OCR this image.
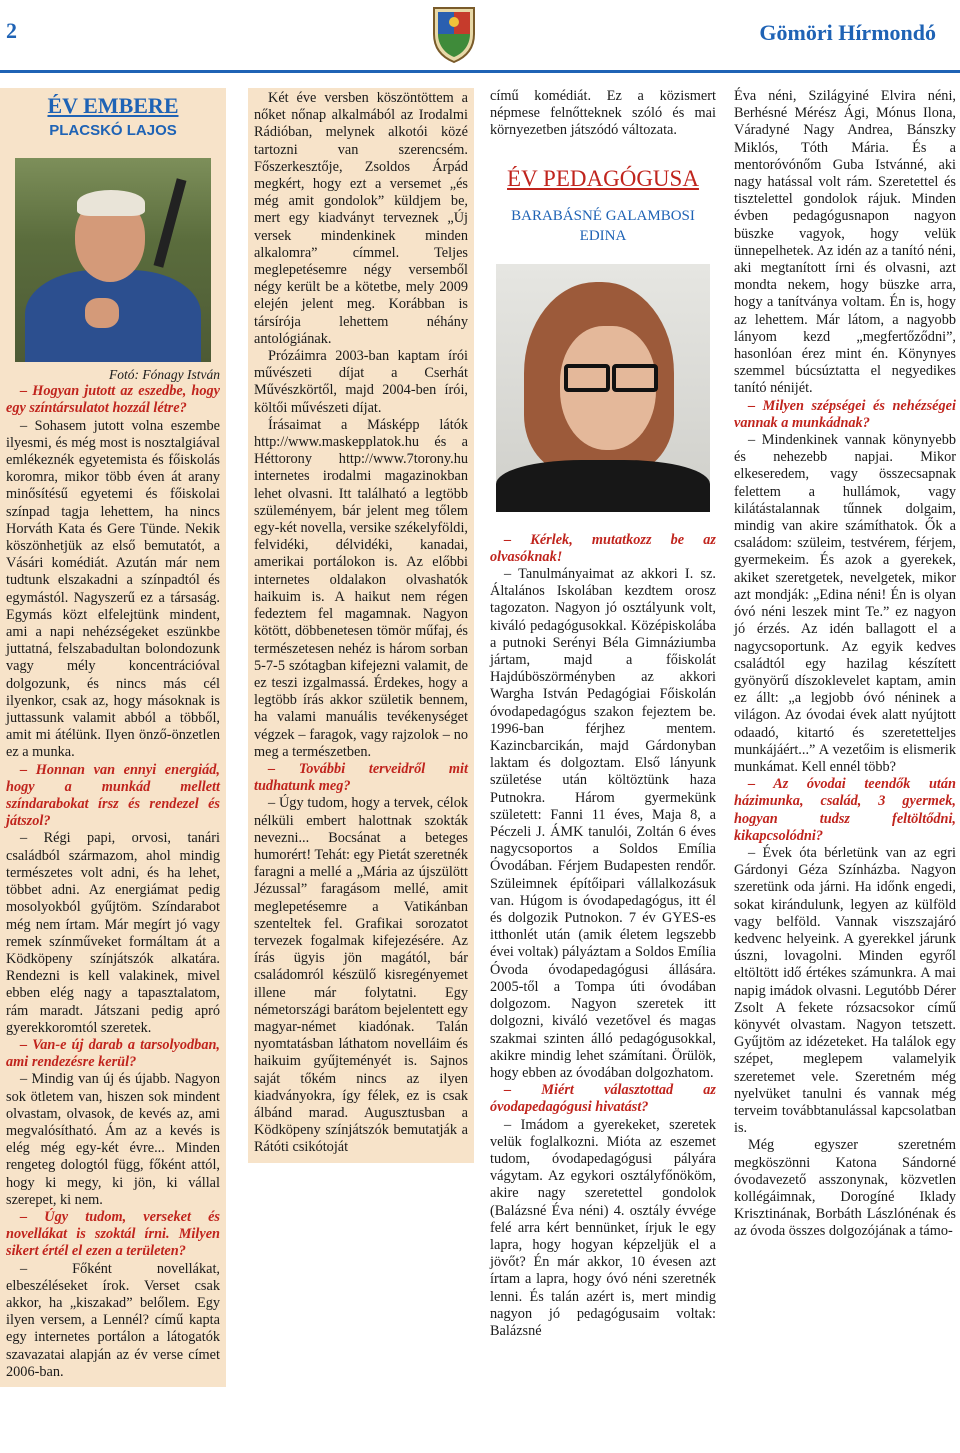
2	Gömöri Hírmondó
ÉV EMBERE
PLACSKÓ LAJOS

Fotó: Fónagy István

– Hogyan jutott az eszedbe, hogy egy színtársulatot hozzál létre?

– Sohasem jutott volna eszembe ilyesmi, és még most is nosztalgiával emlékeznék egyetemista és főiskolás koromra, mikor több éven át arany minősítésű egyetemi és főiskolai színpad tagja lehettem, ha nincs Horváth Kata és Gere Tünde. Nekik köszönhetjük az első bemutatót, a Vásári komédiát. Azután már nem tudtunk elszakadni a színpadtól és egymástól. Nagyszerű ez a társaság. Egymás közt elfelejtünk mindent, ami a napi nehézségeket eszünkbe juttatná, felszabadultan bolondozunk vagy mély koncentrációval dolgozunk, és nincs más cél ilyenkor, csak az, hogy másoknak is juttassunk valamit abból a többől, amit mi átélünk. Ilyen önző-önzetlen ez a munka.

– Honnan van ennyi energiád, hogy a munkád mellett színdarabokat írsz és rendezel és játszol?

– Régi papi, orvosi, tanári családból származom, ahol mindig természetes volt adni, és ha lehet, többet adni. Az energiámat pedig mosolyokból gyűjtöm. Színdarabot még nem írtam. Már megírt jó vagy remek színműveket formáltam át a Ködköpeny színjátszók alkatára. Rendezni is kell valakinek, mivel ebben elég nagy a tapasztalatom, rám maradt. Játszani pedig apró gyerekkoromtól szeretek.

– Van-e új darab a tarsolyodban, ami rendezésre kerül?

– Mindig van új és újabb. Nagyon sok ötletem van, hiszen sok mindent olvastam, olvasok, de kevés az, ami megvalósítható. Ám az a kevés is elég még egy-két évre... Minden rengeteg dologtól függ, főként attól, hogy ki megy, ki jön, ki vállal szerepet, ki nem.

– Úgy tudom, verseket és novellákat is szoktál írni. Milyen sikert értél el ezen a területen?

– Főként novellákat, elbeszéléseket írok. Verset csak akkor, ha „kiszakad” belőlem. Egy ilyen versem, a Lennél? című kapta egy internetes portálon a látogatók szavazatai alapján az év verse címet 2006-ban.

Két éve versben köszöntöttem a nőket nőnap alkalmából az Irodalmi Rádióban, melynek alkotói közé tartozni van szerencsém. Főszerkesztője, Zsoldos Árpád megkért, hogy ezt a versemet „és még amit gondolok” küldjem be, mert egy kiadványt terveznek „Új versek mindenkinek minden alkalomra” címmel. Teljes meglepetésemre négy versemből négy került be a kötetbe, mely 2009 elején jelent meg. Korábban is társírója lehettem néhány antológiának.

Prózáimra 2003-ban kaptam írói művészeti díjat a Cserhát Művészkörtől, majd 2004-ben írói, költői művészeti díjat.

Írásaimat a Másképp látók http://www.maskepplatok.hu és a Héttorony http://www.7torony.hu internetes irodalmi magazinokban lehet olvasni. Itt található a legtöbb szüleményem, bár jelent meg tőlem egy-két novella, versike székelyföldi, felvidéki, délvidéki, kanadai, amerikai portálokon is. Az előbbi internetes oldalakon olvashatók haikuim is. A haikut nem régen fedeztem fel magamnak. Nagyon kötött, döbbenetesen tömör műfaj, és természetesen nehéz is három sorban 5-7-5 szótagban kifejezni valamit, de ez teszi izgalmassá. Érdekes, hogy a legtöbb írás akkor születik bennem, ha valami manuális tevékenységet végzek – faragok, vagy rajzolok – no meg a természetben.

– További terveidről mit tudhatunk meg?

– Úgy tudom, hogy a tervek, célok nélküli embert halottnak szokták nevezni... Bocsánat a beteges humorért! Tehát: egy Pietát szeretnék faragni a mellé a „Mária az újszülött Jézussal” faragásom mellé, amit meglepetésemre a Vatikánban szenteltek fel. Grafikai sorozatot tervezek fogalmak kifejezésére. Az írás ügyis jön magától, bár családomról készülő kisregényemet illene már folytatni. Egy németországi barátom bejelentett egy magyar-német kiadónak. Talán nyomtatásban láthatom novelláim és haikuim gyűjteményét is. Sajnos saját tőkém nincs az ilyen kiadványokra, így félek, ez is csak álbánd marad. Augusztusban a Ködköpeny színjátszók bemutatják a Rátóti csikótoját

című komédiát. Ez a közismert népmese felnőtteknek szóló és mai környezetben játszódó változata.

ÉV PEDAGÓGUSA
BARABÁSNÉ GALAMBOSI EDINA

– Kérlek, mutatkozz be az olvasóknak!

– Tanulmányaimat az akkori I. sz. Általános Iskolában kezdtem orosz tagozaton. Nagyon jó osztályunk volt, kiváló pedagógusokkal. Középiskolába a putnoki Serényi Béla Gimnáziumba jártam, majd a főiskolát Hajdúböszörményben az akkori Wargha István Pedagógiai Főiskolán óvodapedagógus szakon fejeztem be. 1996-ban férjhez mentem. Kazincbarcikán, majd Gárdonyban laktam és dolgoztam. Első lányunk születése után költöztünk haza Putnokra. Három gyermekünk született: Fanni 11 éves, Maja 8, a Péczeli J. ÁMK tanulói, Zoltán 6 éves nagycsoportos a Soldos Emília Óvodában. Férjem Budapesten rendőr. Szüleimnek építőipari vállalkozásuk van. Húgom is óvodapedagógus, itt él és dolgozik Putnokon. 7 év GYES-es itthonlét után (amik életem legszebb évei voltak) pályáztam a Soldos Emília Óvoda óvodapedagógusi állására. 2005-től a Tompa úti óvodában dolgozom. Nagyon szeretek itt dolgozni, kiváló vezetővel és magas szakmai szinten álló pedagógusokkal, akikre mindig lehet számítani. Örülök, hogy ebben az óvodában dolgozhatom.

– Miért választottad az óvodapedagógusi hivatást?

– Imádom a gyerekeket, szeretek velük foglalkozni. Miótа az eszemet tudom, óvodapedagógusi pályára vágytam. Az egykori osztályfőnököm, akire nagy szeretettel gondolok (Balázsné Éva néni) 4. osztály évvége felé arra kért bennünket, írjuk le egy lapra, hogy hogyan képzeljük el a jövőt? Én már akkor, 10 évesen azt írtam a lapra, hogy óvó néni szeretnék lenni. És talán azért is, mert mindig nagyon jó pedagógusaim voltak: Balázsné

Éva néni, Szilágyiné Elvira néni, Berhésné Mérész Ági, Mónus Ilona, Váradyné Nagy Andrea, Bánszky Miklós, Tóth Mária. És a mentoróvónőm Guba Istvánné, aki nagy hatással volt rám. Szeretettel és tisztelettel gondolok rájuk. Minden évben pedagógusnapon nagyon büszke vagyok, hogy velük ünnepelhetek. Az idén az a tanító néni, aki megtanított írni és olvasni, azt mondta nekem, hogy büszke arra, hogy a tanítványa voltam. Én is, hogy az lehettem. Már látom, a nagyobb lányom kezd „megfertőződni”, hasonlóan érez mint én. Könynyes szemmel búcsúztatta el negyedikes tanító nénijét.

– Milyen szépségei és nehézségei vannak a munkádnak?

– Mindenkinek vannak könynyebb és nehezebb napjai. Mikor elkeseredem, vagy összecsapnak felettem a hullámok, vagy kilátástalannak tűnnek dolgaim, mindig van akire számíthatok. Ők a családom: szüleim, testvérem, férjem, gyermekeim. És azok a gyerekek, akiket szeretgetek, nevelgetek, mikor azt mondják: „Edina néni! Én is olyan óvó néni leszek mint Te.” ez nagyon jó érzés. Az idén ballagott el a nagycsoportunk. Az egyik kedves családtól egy hazilag készített gyönyörű díszoklevelet kaptam, amin ez állt: „a legjobb óvó néninek a világon. Az óvodai évek alatt nyújtott odaadó, kitartó és szeretetteljes munkájáért...” A vezetőim is elismerik munkámat. Kell ennél több?

– Az óvodai teendők után házimunka, család, 3 gyermek, hogyan tudsz feltöltődni, kikapcsolódni?

– Évek óta bérletünk van az egri Gárdonyi Géza Színházba. Nagyon szeretünk oda járni. Ha időnk engedi, sokat kirándulunk, legyen az külföld vagy belföld. Vannak viszszajáró kedvenc helyeink. A gyerekkel járunk úszni, lovagolni. Minden egyről eltöltött idő értékes számunkra. A mai napig imádok olvasni. Legutóbb Dérer Zsolt A fekete rózsacsokor című könyvét olvastam. Nagyon tetszett. Gyűjtöm az idézeteket. Ha találok egy szépet, meglepem valamelyik szeretemet vele. Szeretném még nyelvüket tanulni és vannak még terveim továbbtanulással kapcsolatban is.

Még egyszer szeretném megköszönni Katona Sándorné óvodavezető asszonynak, közvetlen kollégáimnak, Dorogíné Iklady Krisztinának, Borbáth Lászlónénak és az óvoda összes dolgozójának a támo-
